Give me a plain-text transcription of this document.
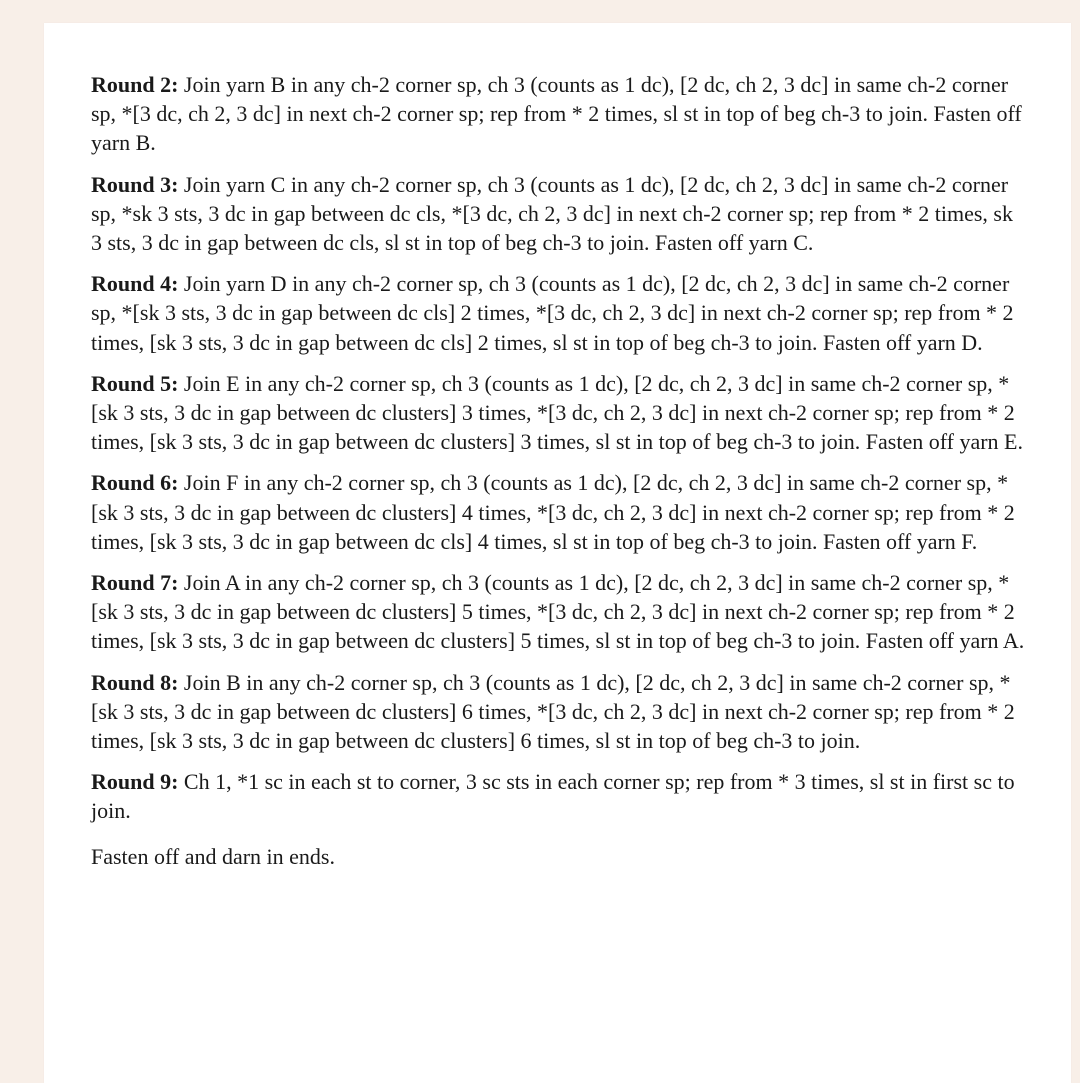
Round 2: Join yarn B in any ch-2 corner sp, ch 3 (counts as 1 dc), [2 dc, ch 2, 3 dc] in same ch-2 corner sp, *[3 dc, ch 2, 3 dc] in next ch-2 corner sp; rep from * 2 times, sl st in top of beg ch-3 to join. Fasten off yarn B.

Round 3: Join yarn C in any ch-2 corner sp, ch 3 (counts as 1 dc), [2 dc, ch 2, 3 dc] in same ch-2 corner sp, *sk 3 sts, 3 dc in gap between dc cls, *[3 dc, ch 2, 3 dc] in next ch-2 corner sp; rep from * 2 times, sk 3 sts, 3 dc in gap between dc cls, sl st in top of beg ch-3 to join. Fasten off yarn C.

Round 4: Join yarn D in any ch-2 corner sp, ch 3 (counts as 1 dc), [2 dc, ch 2, 3 dc] in same ch-2 corner sp, *[sk 3 sts, 3 dc in gap between dc cls] 2 times, *[3 dc, ch 2, 3 dc] in next ch-2 corner sp; rep from * 2 times, [sk 3 sts, 3 dc in gap between dc cls] 2 times, sl st in top of beg ch-3 to join. Fasten off yarn D.

Round 5: Join E in any ch-2 corner sp, ch 3 (counts as 1 dc), [2 dc, ch 2, 3 dc] in same ch-2 corner sp, *[sk 3 sts, 3 dc in gap between dc clusters] 3 times, *[3 dc, ch 2, 3 dc] in next ch-2 corner sp; rep from * 2 times, [sk 3 sts, 3 dc in gap between dc clusters] 3 times, sl st in top of beg ch-3 to join. Fasten off yarn E.

Round 6: Join F in any ch-2 corner sp, ch 3 (counts as 1 dc), [2 dc, ch 2, 3 dc] in same ch-2 corner sp, *[sk 3 sts, 3 dc in gap between dc clusters] 4 times, *[3 dc, ch 2, 3 dc] in next ch-2 corner sp; rep from * 2 times, [sk 3 sts, 3 dc in gap between dc cls] 4 times, sl st in top of beg ch-3 to join. Fasten off yarn F.

Round 7: Join A in any ch-2 corner sp, ch 3 (counts as 1 dc), [2 dc, ch 2, 3 dc] in same ch-2 corner sp, *[sk 3 sts, 3 dc in gap between dc clusters] 5 times, *[3 dc, ch 2, 3 dc] in next ch-2 corner sp; rep from * 2 times, [sk 3 sts, 3 dc in gap between dc clusters] 5 times, sl st in top of beg ch-3 to join. Fasten off yarn A.

Round 8: Join B in any ch-2 corner sp, ch 3 (counts as 1 dc), [2 dc, ch 2, 3 dc] in same ch-2 corner sp, *[sk 3 sts, 3 dc in gap between dc clusters] 6 times, *[3 dc, ch 2, 3 dc] in next ch-2 corner sp; rep from * 2 times, [sk 3 sts, 3 dc in gap between dc clusters] 6 times, sl st in top of beg ch-3 to join.

Round 9: Ch 1, *1 sc in each st to corner, 3 sc sts in each corner sp; rep from * 3 times, sl st in first sc to join.

Fasten off and darn in ends.
